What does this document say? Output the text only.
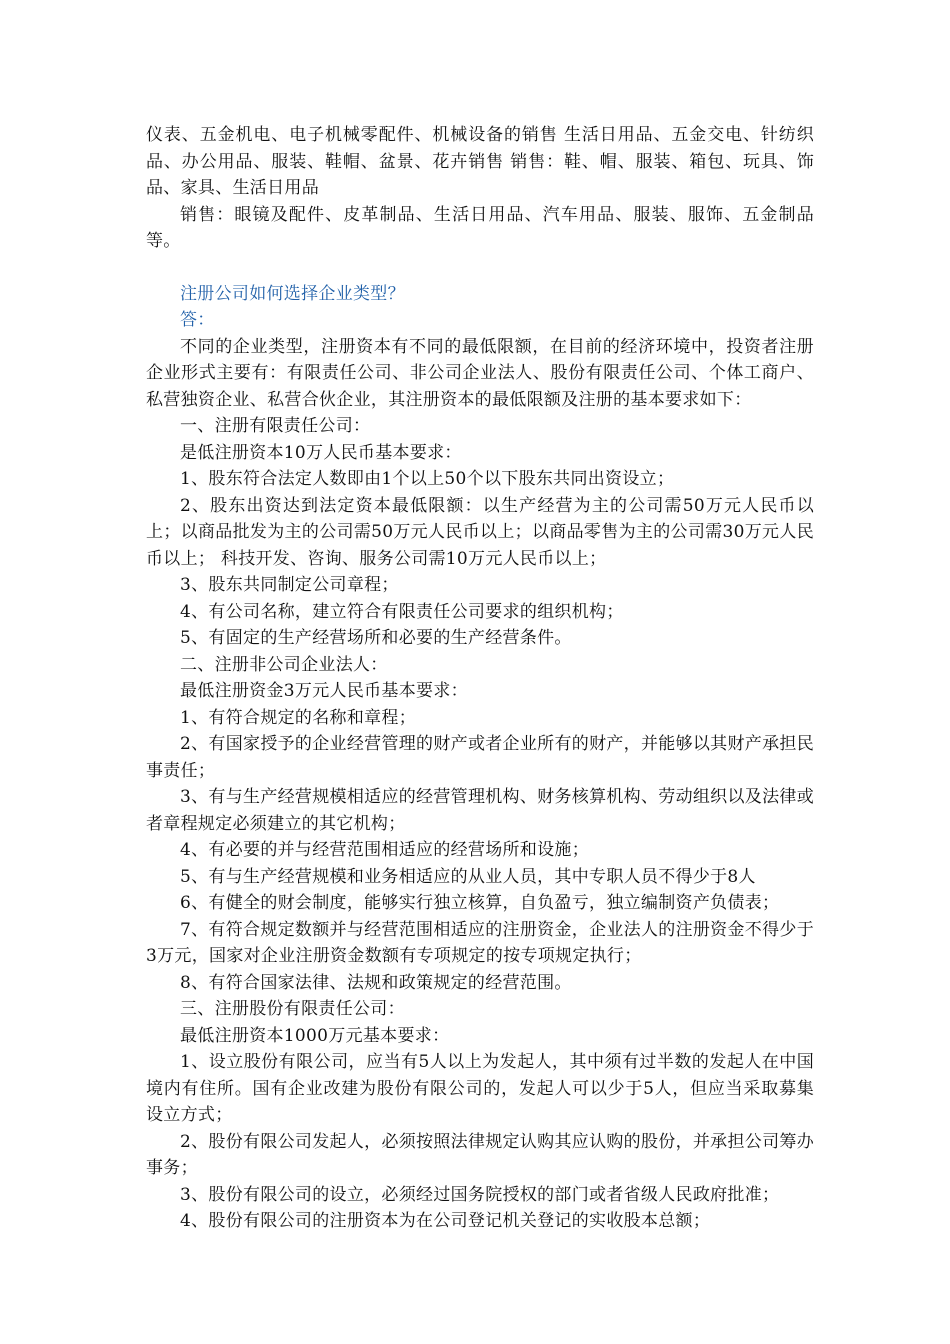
仪表、五金机电、电子机械零配件、机械设备的销售 生活日用品、五金交电、针纺织品、办公用品、服装、鞋帽、盆景、花卉销售 销售：鞋、帽、服装、箱包、玩具、饰品、家具、生活日用品

销售：眼镜及配件、皮革制品、生活日用品、汽车用品、服装、服饰、五金制品等。

注册公司如何选择企业类型？

答：

不同的企业类型，注册资本有不同的最低限额，在目前的经济环境中，投资者注册企业形式主要有：有限责任公司、非公司企业法人、股份有限责任公司、个体工商户、私营独资企业、私营合伙企业，其注册资本的最低限额及注册的基本要求如下：

一、注册有限责任公司：

是低注册资本10万人民币基本要求：

1、股东符合法定人数即由1个以上50个以下股东共同出资设立；

2、股东出资达到法定资本最低限额：以生产经营为主的公司需50万元人民币以上；以商品批发为主的公司需50万元人民币以上；以商品零售为主的公司需30万元人民币以上； 科技开发、咨询、服务公司需10万元人民币以上；

3、股东共同制定公司章程；

4、有公司名称，建立符合有限责任公司要求的组织机构；

5、有固定的生产经营场所和必要的生产经营条件。

二、注册非公司企业法人：

最低注册资金3万元人民币基本要求：

1、有符合规定的名称和章程；

2、有国家授予的企业经营管理的财产或者企业所有的财产，并能够以其财产承担民事责任；

3、有与生产经营规模相适应的经营管理机构、财务核算机构、劳动组织以及法律或者章程规定必须建立的其它机构；

4、有必要的并与经营范围相适应的经营场所和设施；

5、有与生产经营规模和业务相适应的从业人员，其中专职人员不得少于8人

6、有健全的财会制度，能够实行独立核算，自负盈亏，独立编制资产负债表；

7、有符合规定数额并与经营范围相适应的注册资金，企业法人的注册资金不得少于3万元，国家对企业注册资金数额有专项规定的按专项规定执行；

8、有符合国家法律、法规和政策规定的经营范围。

三、注册股份有限责任公司：

最低注册资本1000万元基本要求：

1、设立股份有限公司，应当有5人以上为发起人，其中须有过半数的发起人在中国境内有住所。国有企业改建为股份有限公司的，发起人可以少于5人，但应当采取募集设立方式；

2、股份有限公司发起人，必须按照法律规定认购其应认购的股份，并承担公司筹办事务；

3、股份有限公司的设立，必须经过国务院授权的部门或者省级人民政府批准；

4、股份有限公司的注册资本为在公司登记机关登记的实收股本总额；
